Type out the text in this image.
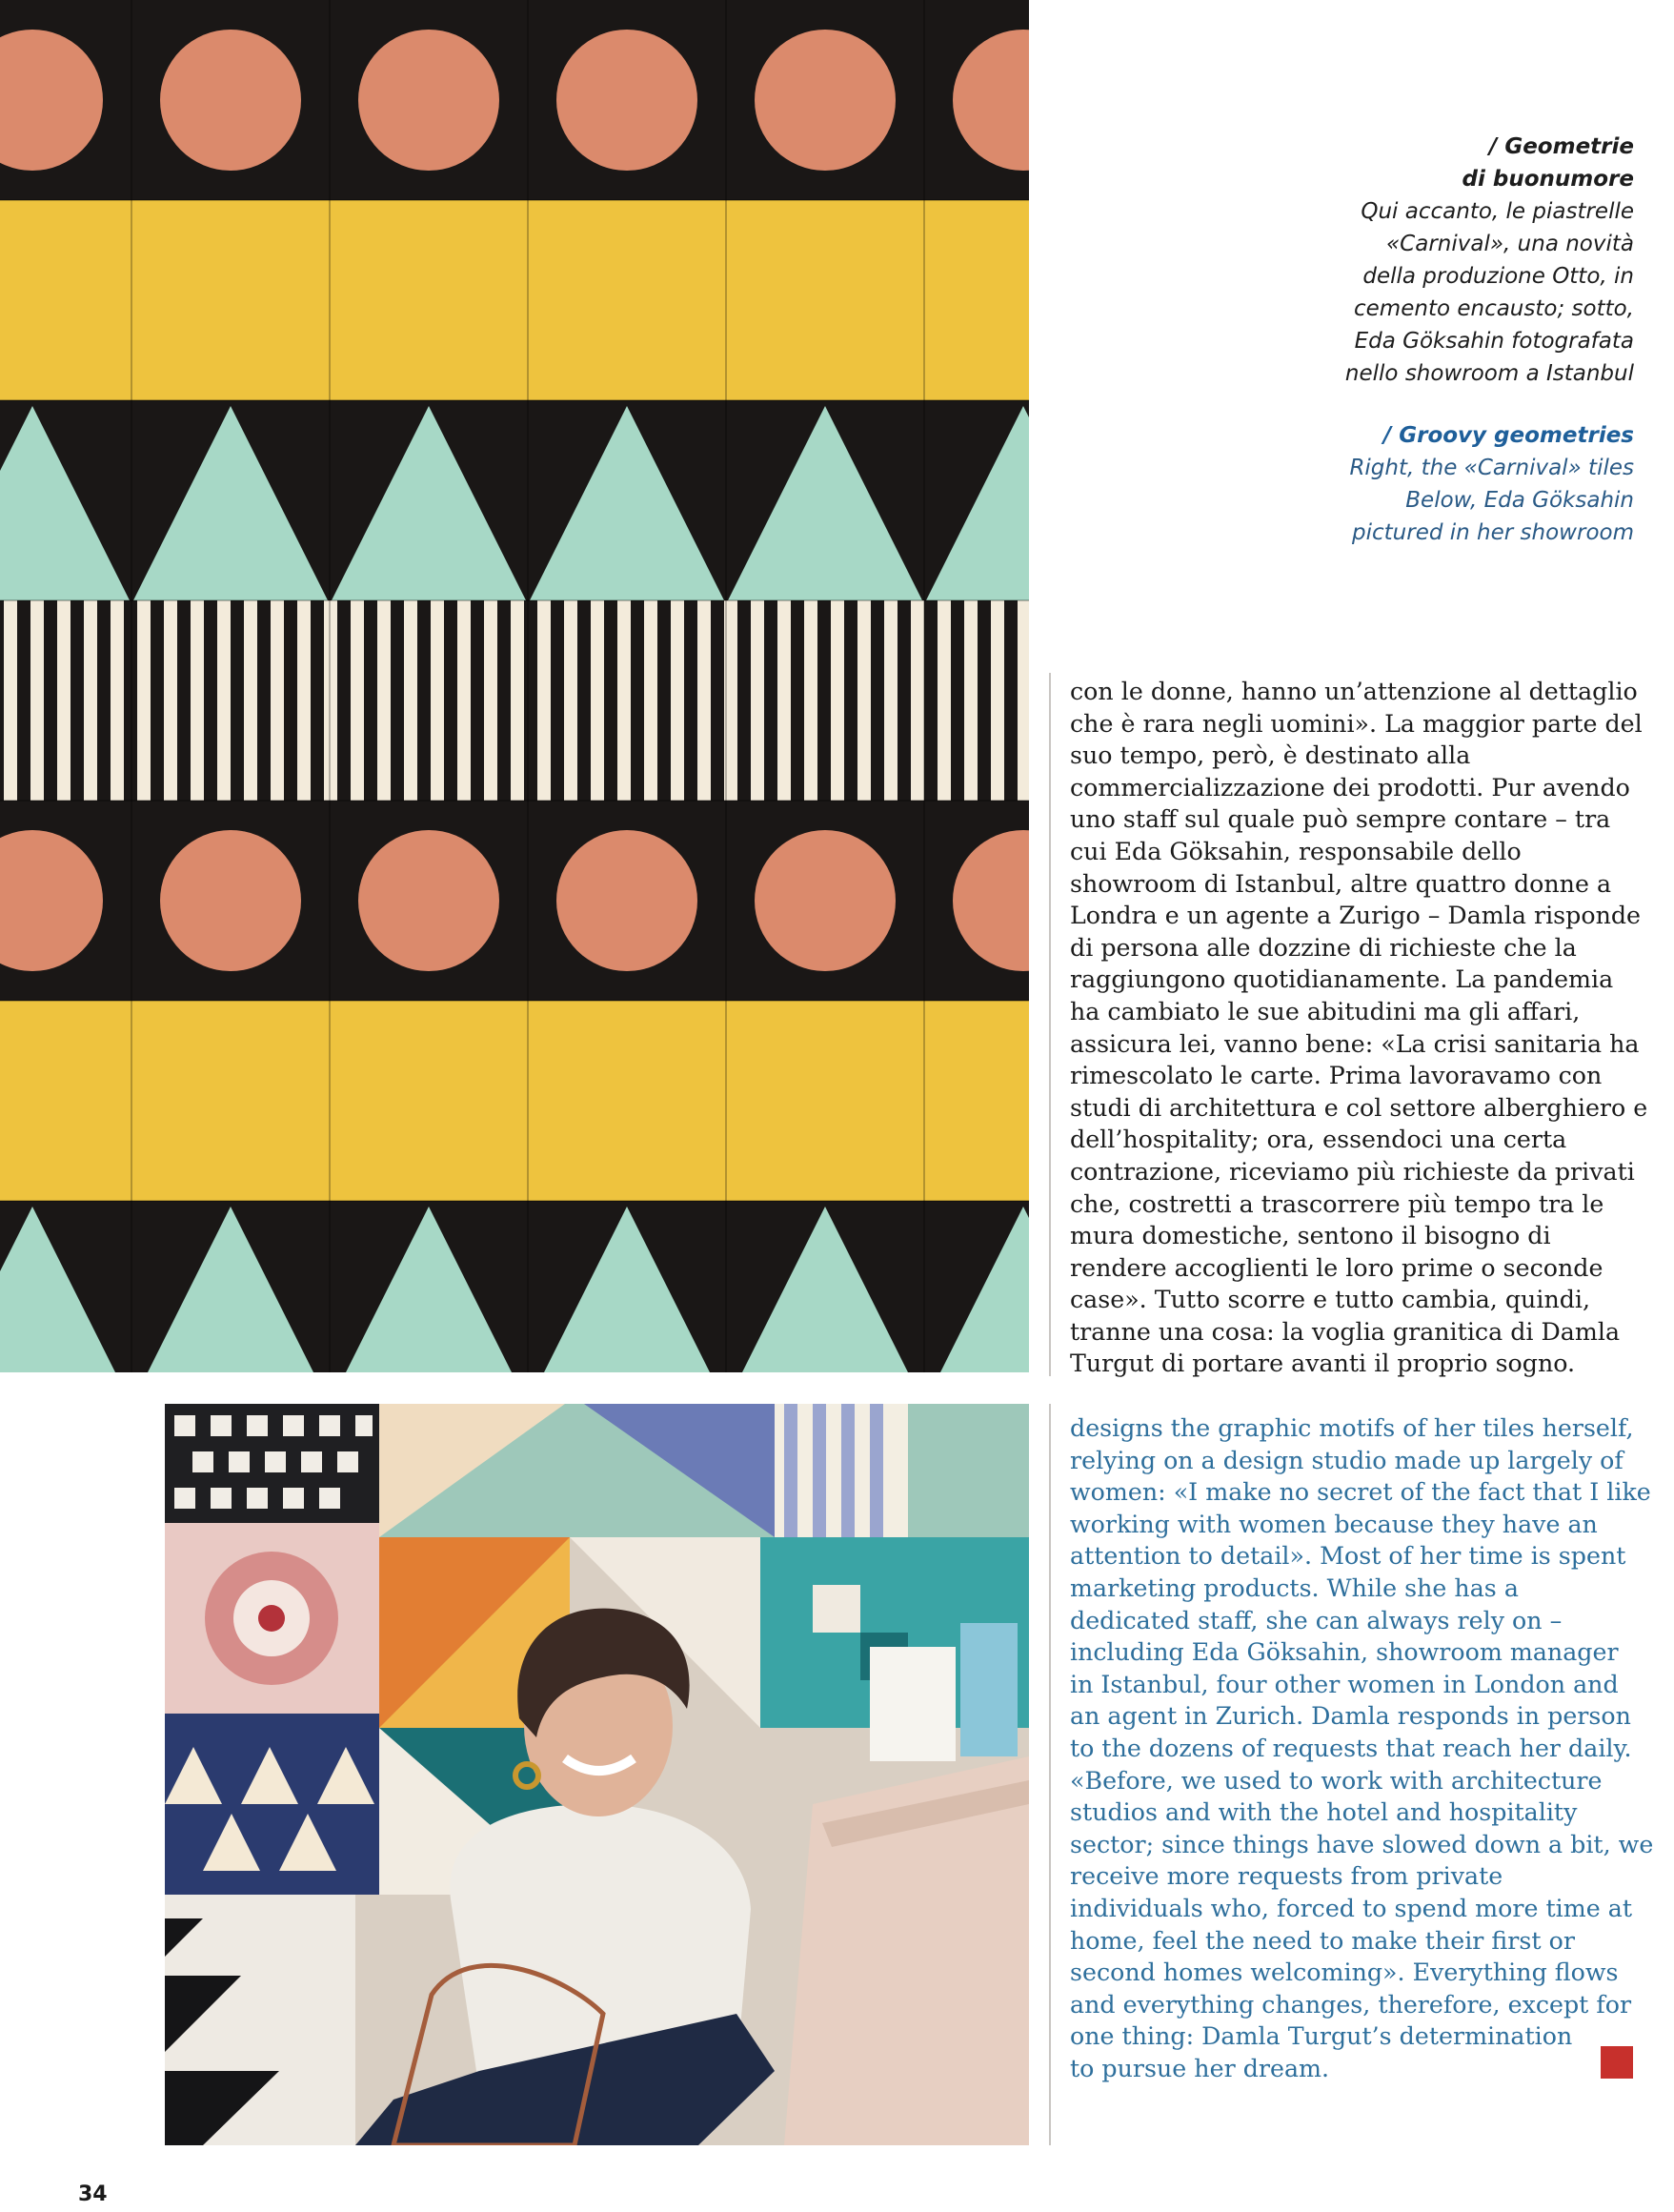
/ Geometrie
di buonumore
Qui accanto, le piastrelle
«Carnival», una novità
della produzione Otto, in
cemento encausto; sotto,
Eda Göksahin fotografata
nello showroom a Istanbul
/ Groovy geometries
Right, the «Carnival» tiles
Below, Eda Göksahin
pictured in her showroom
con le donne, hanno un’attenzione al dettaglio
che è rara negli uomini». La maggior parte del
suo tempo, però, è destinato alla
commercializzazione dei prodotti. Pur avendo
uno staff sul quale può sempre contare – tra
cui Eda Göksahin, responsabile dello
showroom di Istanbul, altre quattro donne a
Londra e un agente a Zurigo – Damla risponde
di persona alle dozzine di richieste che la
raggiungono quotidianamente. La pandemia
ha cambiato le sue abitudini ma gli affari,
assicura lei, vanno bene: «La crisi sanitaria ha
rimescolato le carte. Prima lavoravamo con
studi di architettura e col settore alberghiero e
dell’hospitality; ora, essendoci una certa
contrazione, riceviamo più richieste da privati
che, costretti a trascorrere più tempo tra le
mura domestiche, sentono il bisogno di
rendere accoglienti le loro prime o seconde
case». Tutto scorre e tutto cambia, quindi,
tranne una cosa: la voglia granitica di Damla
Turgut di portare avanti il proprio sogno.
designs the graphic motifs of her tiles herself,
relying on a design studio made up largely of
women: «I make no secret of the fact that I like
working with women because they have an
attention to detail». Most of her time is spent
marketing products. While she has a
dedicated staff, she can always rely on –
including Eda Göksahin, showroom manager
in Istanbul, four other women in London and
an agent in Zurich. Damla responds in person
to the dozens of requests that reach her daily.
«Before, we used to work with architecture
studios and with the hotel and hospitality
sector; since things have slowed down a bit, we
receive more requests from private
individuals who, forced to spend more time at
home, feel the need to make their first or
second homes welcoming». Everything flows
and everything changes, therefore, except for
one thing: Damla Turgut’s determination
to pursue her dream.
34
